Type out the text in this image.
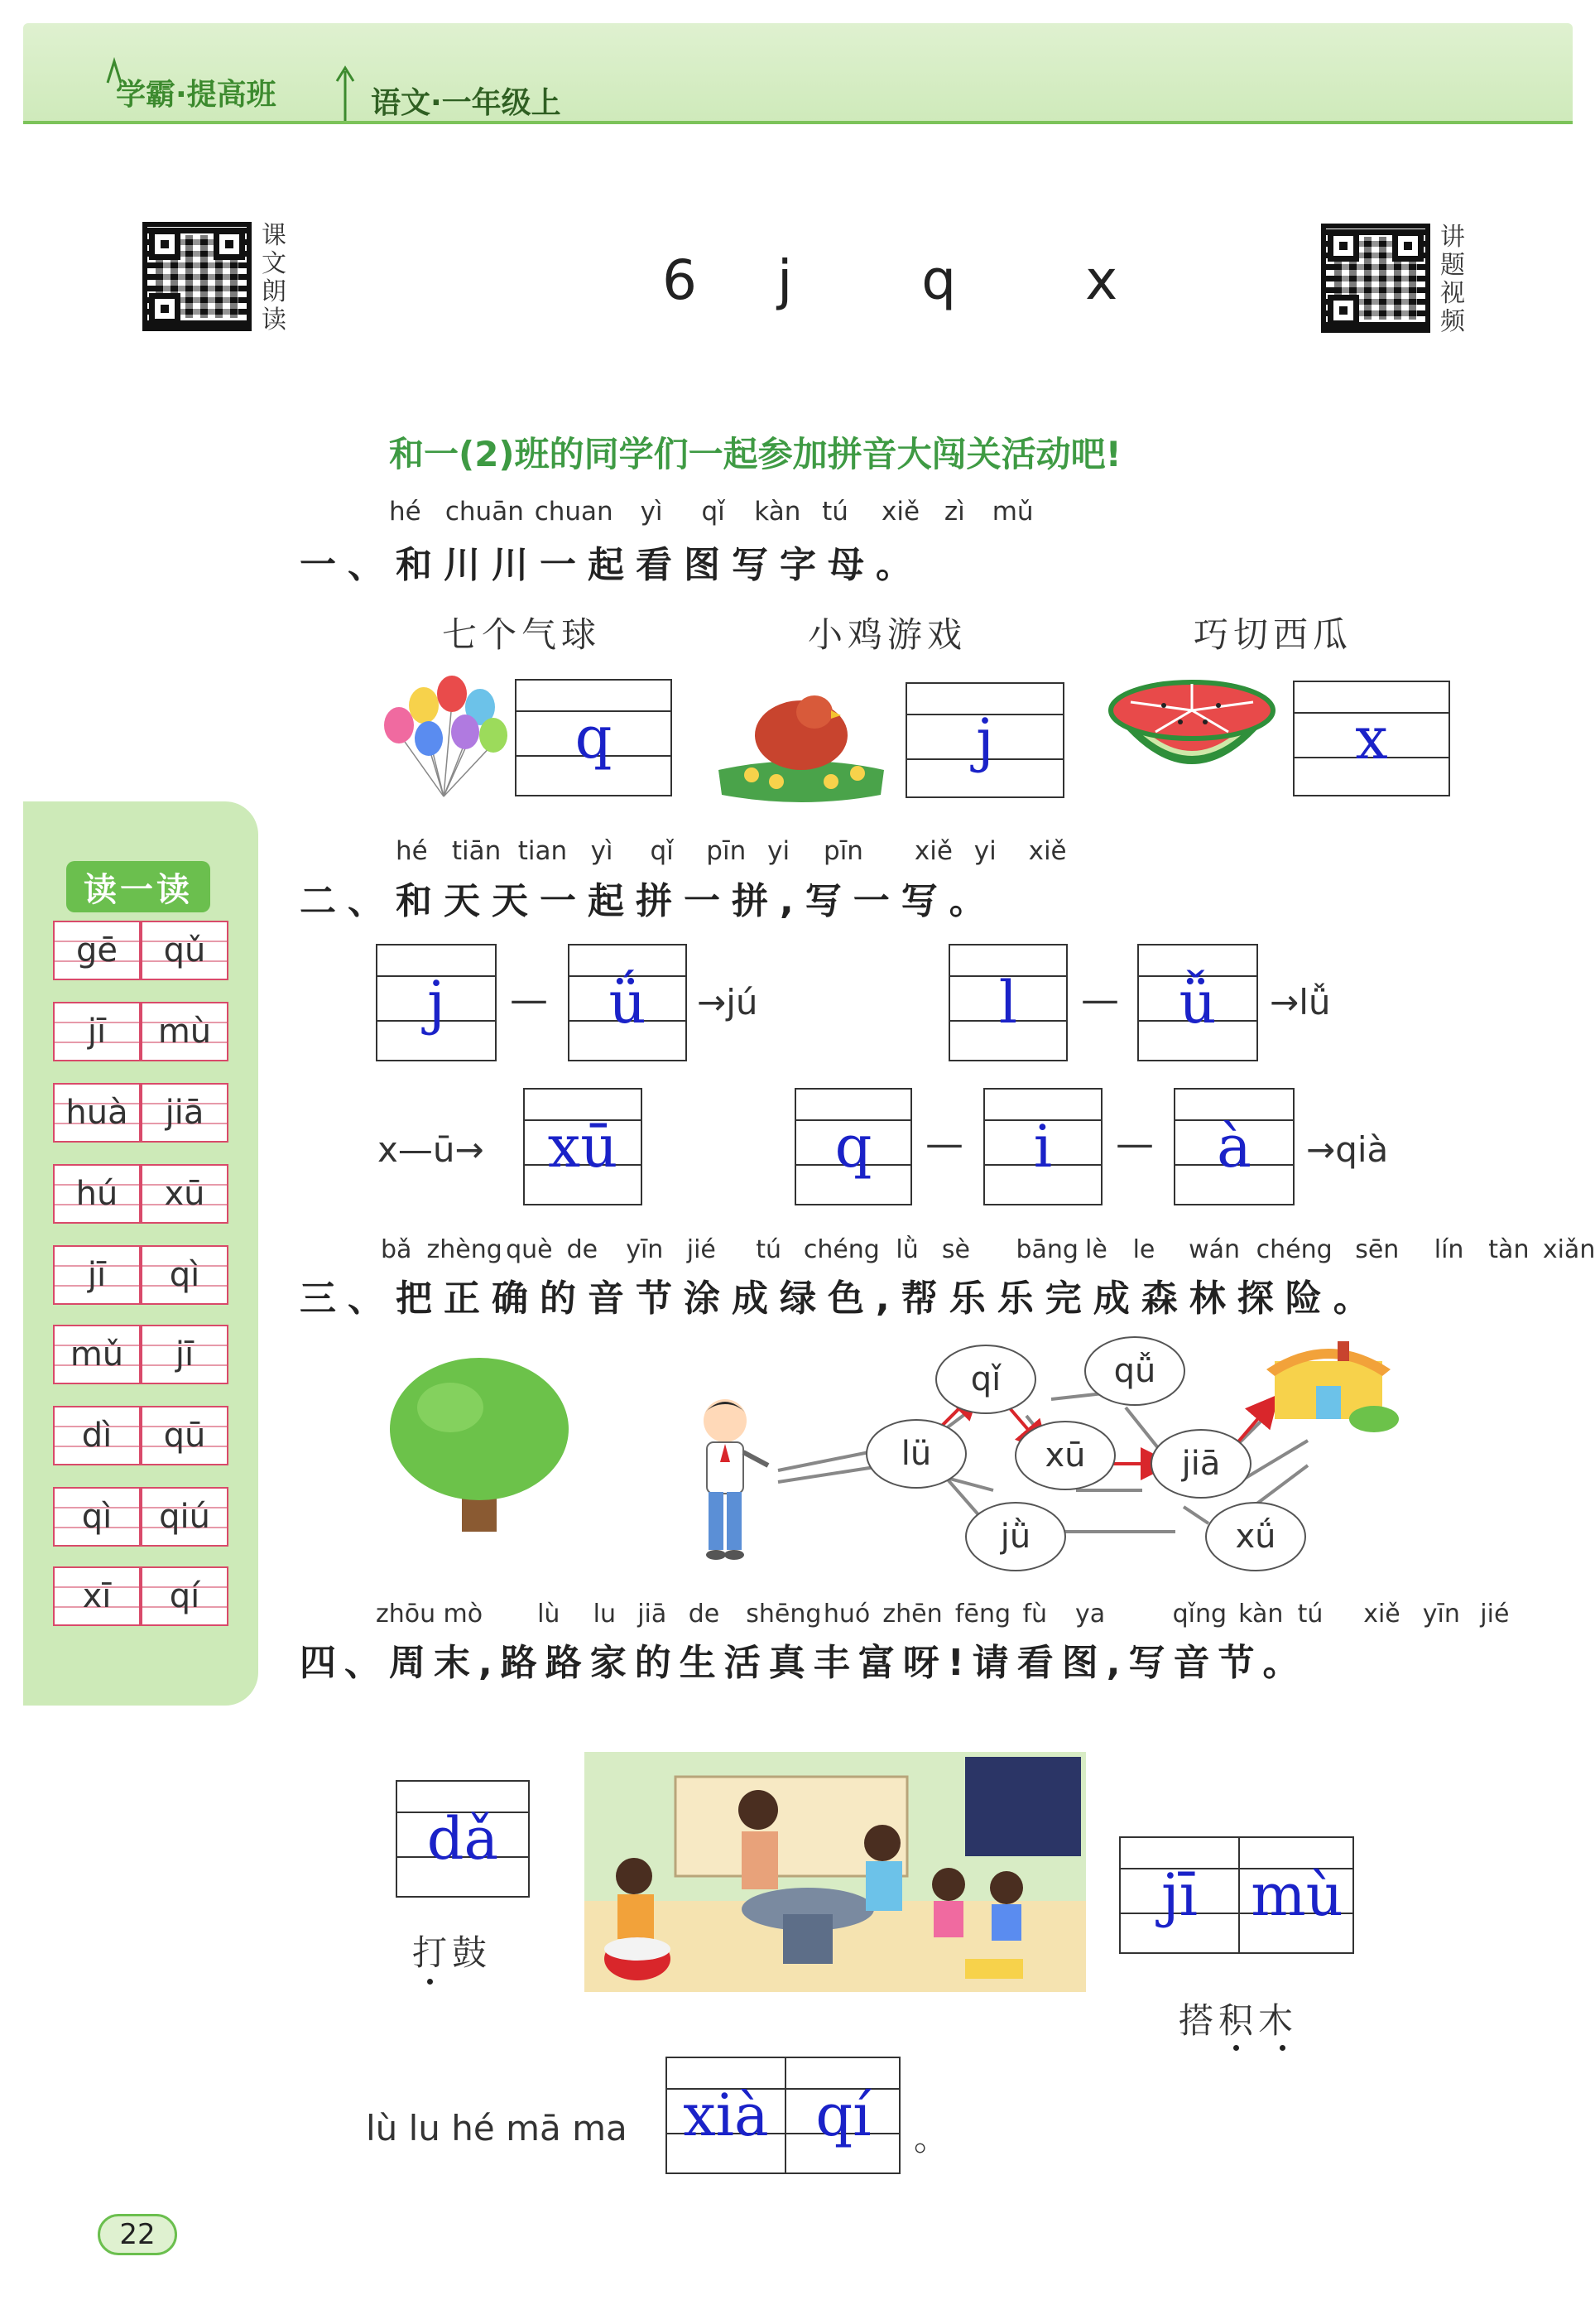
学霸·提高班	语文·一年级上
课
文
朗
读
讲
题
视
频
6 j  q  x
和一(2)班的同学们一起参加拼音大闯关活动吧!
hé chuān chuan yì qǐ kàn tú xiě zì mǔ
一、和川川一起看图写字母。
七个气球	小鸡游戏	巧切西瓜
q	j	x
读一读
gē qǔ
jī mù
huà jiā
hú xū
jī qì
mǔ jī
dì qū
qì qiú
xī qí
hé tiān tian yì qǐ pīn yi pīn xiě yi xiě
二、和天天一起拼一拼,写一写。
j	—	ǘ	→jú	l	—	ǚ	→lǚ
x—ū→	xū	q	—	i	—	à	→qià
bǎ zhèng què de yīn jié tú chéng lǜ sè bāng lè le wán chéng sēn lín tàn xiǎn
三、把正确的音节涂成绿色,帮乐乐完成森林探险。
qǐ	qǚ
lü	xū	jiā
jǜ	xǘ
zhōu mò lù lu jiā de shēng huó zhēn fēng fù ya	qǐng kàn tú xiě yīn jié
四、周末,路路家的生活真丰富呀!请看图,写音节。
dǎ
打鼓
jī mù
搭积木
lù lu hé mā ma xià qí	。
22
